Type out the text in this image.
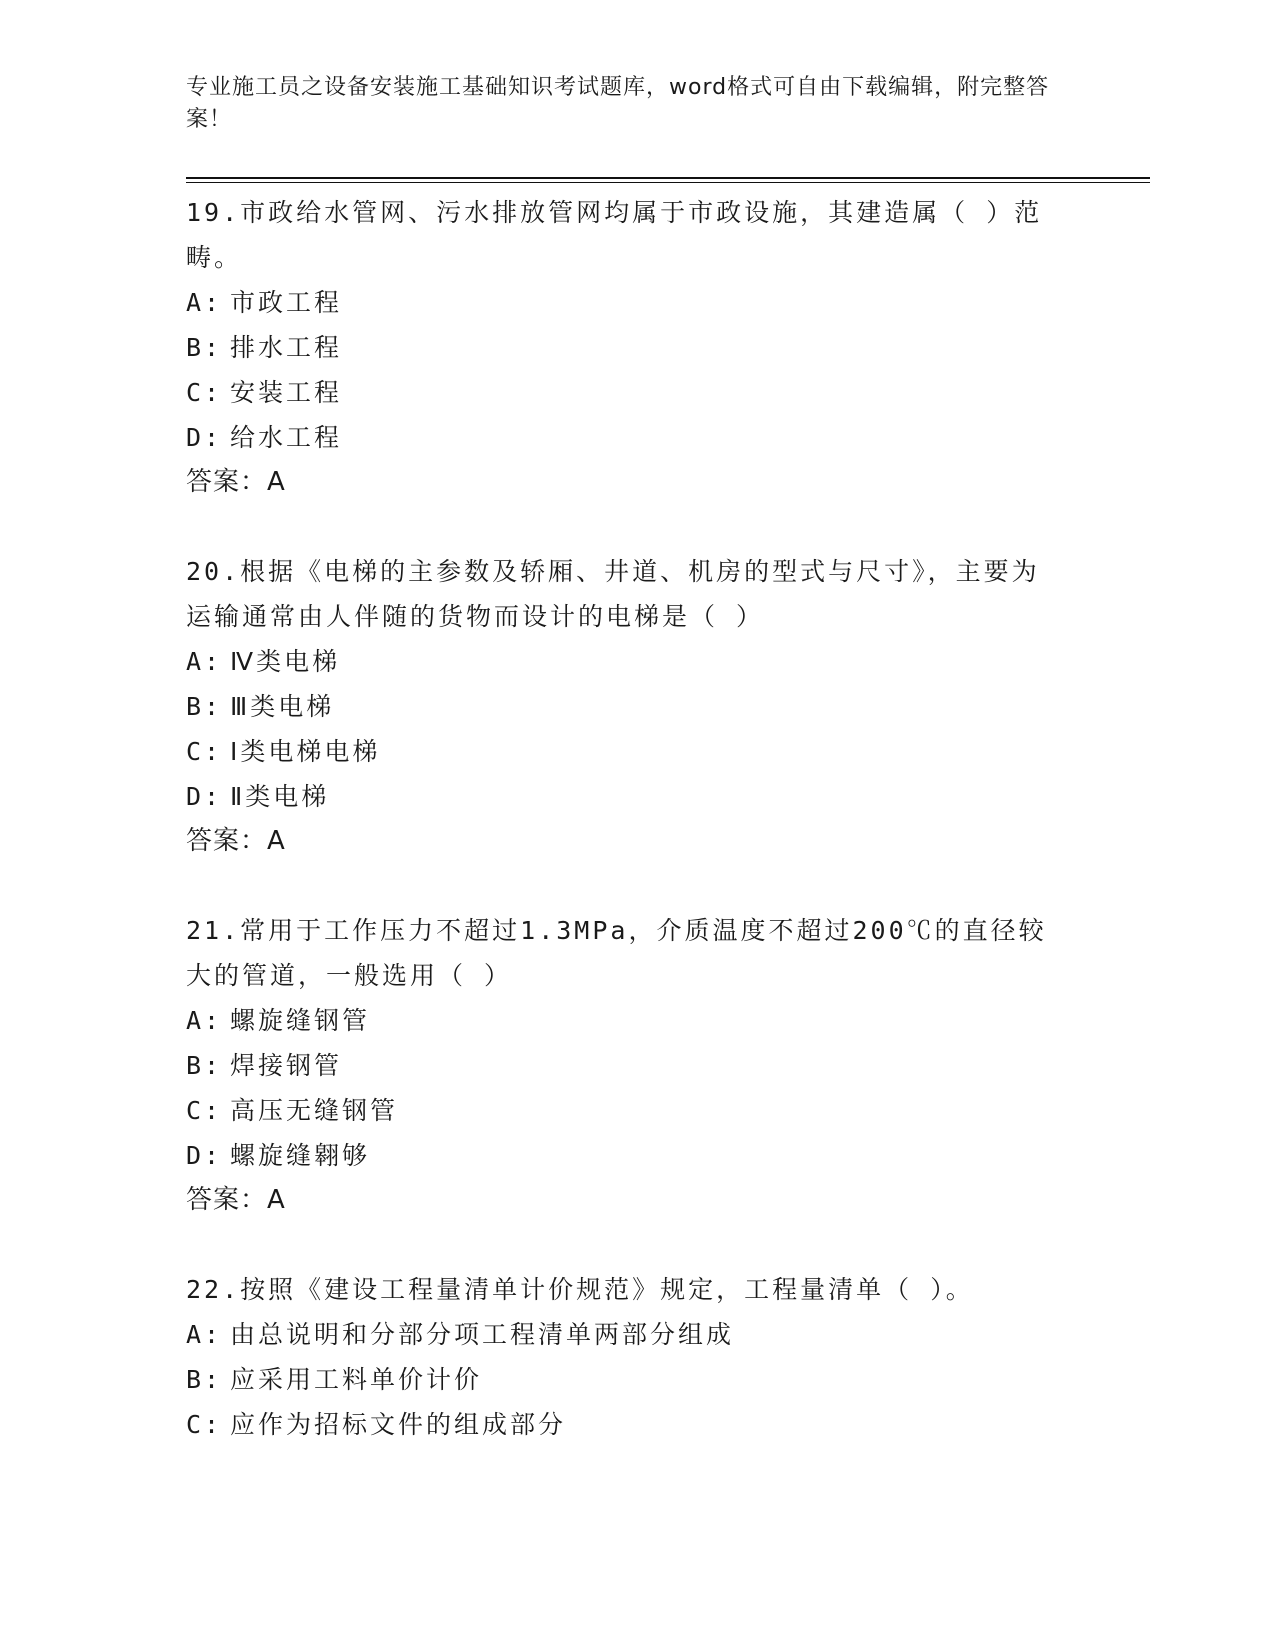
专业施工员之设备安装施工基础知识考试题库，word格式可自由下载编辑，附完整答案！

19.市政给水管网、污水排放管网均属于市政设施，其建造属（ ）范畴。

A: 市政工程

B: 排水工程

C: 安装工程

D: 给水工程

答案：A

20.根据《电梯的主参数及轿厢、井道、机房的型式与尺寸》，主要为运输通常由人伴随的货物而设计的电梯是（ ）

A: Ⅳ类电梯

B: Ⅲ类电梯

C: Ⅰ类电梯电梯

D: Ⅱ类电梯

答案：A

21.常用于工作压力不超过1.3MPa，介质温度不超过200℃的直径较大的管道，一般选用（ ）

A: 螺旋缝钢管

B: 焊接钢管

C: 高压无缝钢管

D: 螺旋缝翱够

答案：A

22.按照《建设工程量清单计价规范》规定，工程量清单（ ）。

A: 由总说明和分部分项工程清单两部分组成

B: 应采用工料单价计价

C: 应作为招标文件的组成部分
